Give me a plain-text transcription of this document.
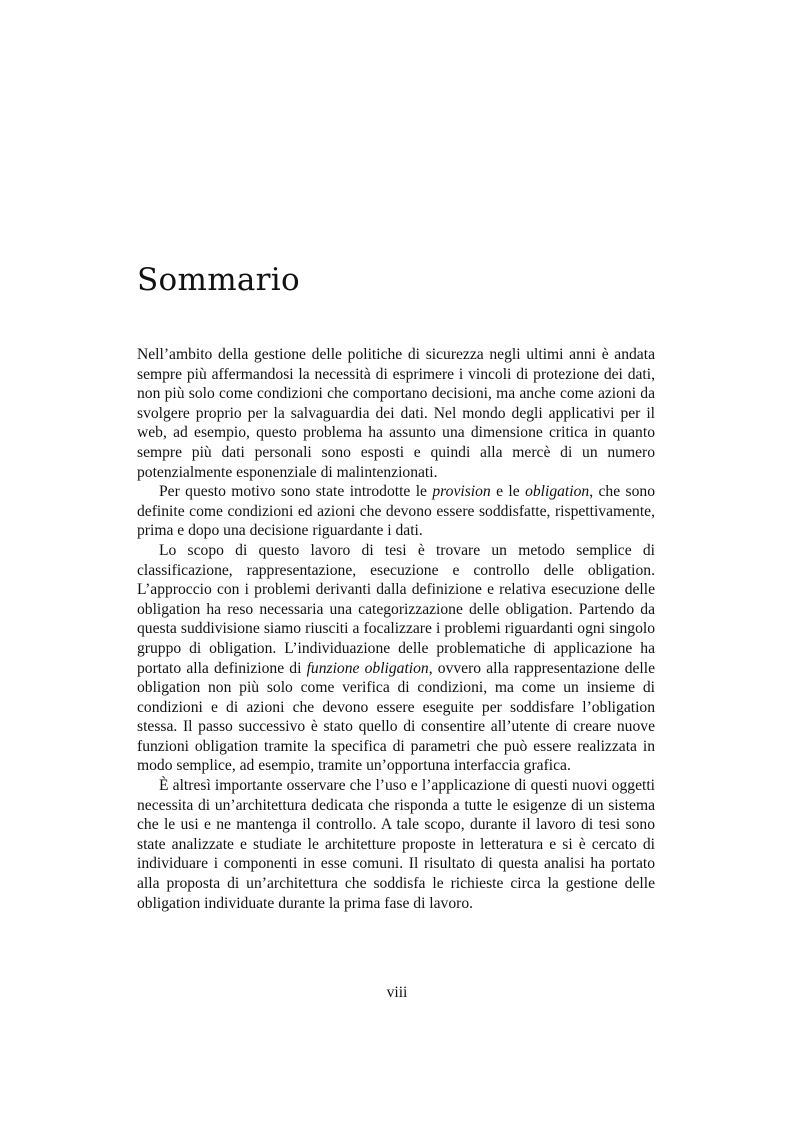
Sommario

Nell’ambito della gestione delle politiche di sicurezza negli ultimi anni è andata sempre più affermandosi la necessità di esprimere i vincoli di protezione dei dati, non più solo come condizioni che comportano decisioni, ma anche come azioni da svolgere proprio per la salvaguardia dei dati. Nel mondo degli applicativi per il web, ad esempio, questo problema ha assunto una dimensione critica in quanto sempre più dati personali sono esposti e quindi alla mercè di un numero potenzialmente esponenziale di malintenzionati.

Per questo motivo sono state introdotte le provision e le obligation, che sono definite come condizioni ed azioni che devono essere soddisfatte, rispettivamente, prima e dopo una decisione riguardante i dati.

Lo scopo di questo lavoro di tesi è trovare un metodo semplice di classificazione, rappresentazione, esecuzione e controllo delle obligation. L’approccio con i problemi derivanti dalla definizione e relativa esecuzione delle obligation ha reso necessaria una categorizzazione delle obligation. Partendo da questa suddivisione siamo riusciti a focalizzare i problemi riguardanti ogni singolo gruppo di obligation. L’individuazione delle problematiche di applicazione ha portato alla definizione di funzione obligation, ovvero alla rappresentazione delle obligation non più solo come verifica di condizioni, ma come un insieme di condizioni e di azioni che devono essere eseguite per soddisfare l’obligation stessa. Il passo successivo è stato quello di consentire all’utente di creare nuove funzioni obligation tramite la specifica di parametri che può essere realizzata in modo semplice, ad esempio, tramite un’opportuna interfaccia grafica.

È altresì importante osservare che l’uso e l’applicazione di questi nuovi oggetti necessita di un’architettura dedicata che risponda a tutte le esigenze di un sistema che le usi e ne mantenga il controllo. A tale scopo, durante il lavoro di tesi sono state analizzate e studiate le architetture proposte in letteratura e si è cercato di individuare i componenti in esse comuni. Il risultato di questa analisi ha portato alla proposta di un’architettura che soddisfa le richieste circa la gestione delle obligation individuate durante la prima fase di lavoro.

viii
